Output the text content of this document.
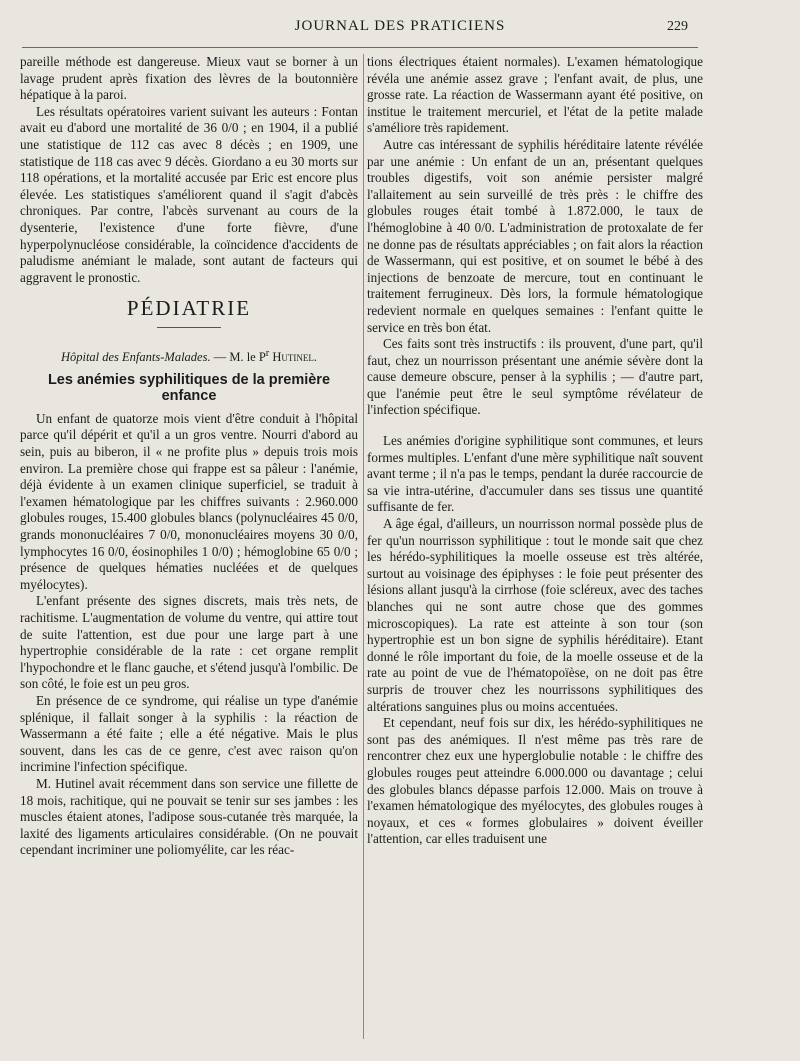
JOURNAL DES PRATICIENS	229

pareille méthode est dangereuse. Mieux vaut se borner à un lavage prudent après fixation des lèvres de la boutonnière hépatique à la paroi.

Les résultats opératoires varient suivant les auteurs : Fontan avait eu d'abord une mortalité de 36 0/0 ; en 1904, il a publié une statistique de 112 cas avec 8 décès ; en 1909, une statistique de 118 cas avec 9 décès. Giordano a eu 30 morts sur 118 opérations, et la mortalité accusée par Eric est encore plus élevée. Les statistiques s'améliorent quand il s'agit d'abcès chroniques. Par contre, l'abcès survenant au cours de la dysenterie, l'existence d'une forte fièvre, d'une hyperpolynucléose considérable, la coïncidence d'accidents de paludisme anémiant le malade, sont autant de facteurs qui aggravent le pronostic.

PÉDIATRIE
Hôpital des Enfants-Malades. — M. le $P^r$ Hutinel.
Les anémies syphilitiques de la première enfance

Un enfant de quatorze mois vient d'être conduit à l'hôpital parce qu'il dépérit et qu'il a un gros ventre. Nourri d'abord au sein, puis au biberon, il « ne profite plus » depuis trois mois environ. La première chose qui frappe est sa pâleur : l'anémie, déjà évidente à un examen clinique superficiel, se traduit à l'examen hématologique par les chiffres suivants : 2.960.000 globules rouges, 15.400 globules blancs (polynucléaires 45 0/0, grands mononucléaires 7 0/0, mononucléaires moyens 30 0/0, lymphocytes 16 0/0, éosinophiles 1 0/0) ; hémoglobine 65 0/0 ; présence de quelques hématies nucléées et de quelques myélocytes).

L'enfant présente des signes discrets, mais très nets, de rachitisme. L'augmentation de volume du ventre, qui attire tout de suite l'attention, est due pour une large part à une hypertrophie considérable de la rate : cet organe remplit l'hypochondre et le flanc gauche, et s'étend jusqu'à l'ombilic. De son côté, le foie est un peu gros.

En présence de ce syndrome, qui réalise un type d'anémie splénique, il fallait songer à la syphilis : la réaction de Wassermann a été faite ; elle a été négative. Mais le plus souvent, dans les cas de ce genre, c'est avec raison qu'on incrimine l'infection spécifique.

M. Hutinel avait récemment dans son service une fillette de 18 mois, rachitique, qui ne pouvait se tenir sur ses jambes : les muscles étaient atones, l'adipose sous-cutanée très marquée, la laxité des ligaments articulaires considérable. (On ne pouvait cependant incriminer une poliomyélite, car les réac-

tions électriques étaient normales). L'examen hématologique révéla une anémie assez grave ; l'enfant avait, de plus, une grosse rate. La réaction de Wassermann ayant été positive, on institue le traitement mercuriel, et l'état de la petite malade s'améliore très rapidement.

Autre cas intéressant de syphilis héréditaire latente révélée par une anémie : Un enfant de un an, présentant quelques troubles digestifs, voit son anémie persister malgré l'allaitement au sein surveillé de très près : le chiffre des globules rouges était tombé à 1.872.000, le taux de l'hémoglobine à 40 0/0. L'administration de protoxalate de fer ne donne pas de résultats appréciables ; on fait alors la réaction de Wassermann, qui est positive, et on soumet le bébé à des injections de benzoate de mercure, tout en continuant le traitement ferrugineux. Dès lors, la formule hématologique redevient normale en quelques semaines : l'enfant quitte le service en très bon état.

Ces faits sont très instructifs : ils prouvent, d'une part, qu'il faut, chez un nourrisson présentant une anémie sévère dont la cause demeure obscure, penser à la syphilis ; — d'autre part, que l'anémie peut être le seul symptôme révélateur de l'infection spécifique.

Les anémies d'origine syphilitique sont communes, et leurs formes multiples. L'enfant d'une mère syphilitique naît souvent avant terme ; il n'a pas le temps, pendant la durée raccourcie de sa vie intra-utérine, d'accumuler dans ses tissus une quantité suffisante de fer.

A âge égal, d'ailleurs, un nourrisson normal possède plus de fer qu'un nourrisson syphilitique : tout le monde sait que chez les hérédo-syphilitiques la moelle osseuse est très altérée, surtout au voisinage des épiphyses : le foie peut présenter des lésions allant jusqu'à la cirrhose (foie scléreux, avec des taches blanches qui ne sont autre chose que des gommes microscopiques). La rate est atteinte à son tour (son hypertrophie est un bon signe de syphilis héréditaire). Etant donné le rôle important du foie, de la moelle osseuse et de la rate au point de vue de l'hématopoïèse, on ne doit pas être surpris de trouver chez les nourrissons syphilitiques des altérations sanguines plus ou moins accentuées.

Et cependant, neuf fois sur dix, les hérédo-syphilitiques ne sont pas des anémiques. Il n'est même pas très rare de rencontrer chez eux une hyperglobulie notable : le chiffre des globules rouges peut atteindre 6.000.000 ou davantage ; celui des globules blancs dépasse parfois 12.000. Mais on trouve à l'examen hématologique des myélocytes, des globules rouges à noyaux, et ces « formes globulaires » doivent éveiller l'attention, car elles traduisent une
